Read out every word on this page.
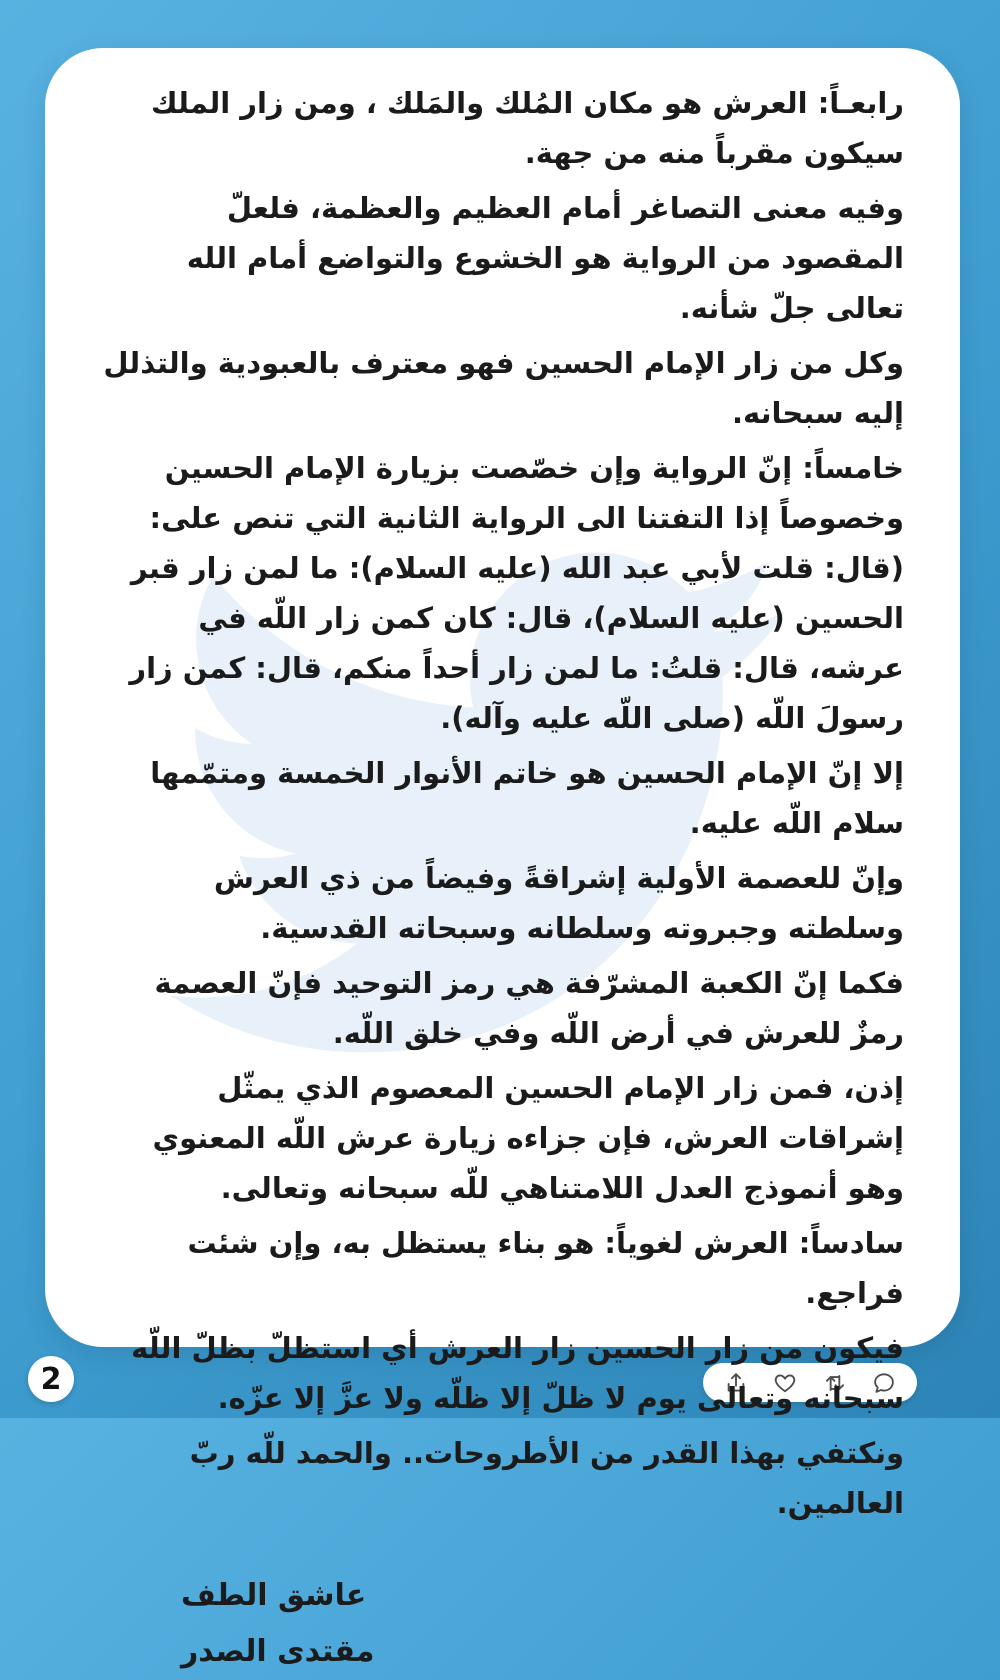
رابعـاً: العرش هو مكان المُلك والمَلك ، ومن زار الملك سيكون مقرباً منه من جهة.

وفيه معنى التصاغر أمام العظيم والعظمة، فلعلّ المقصود من الرواية هو الخشوع والتواضع أمام الله تعالى جلّ شأنه.

وكل من زار الإمام الحسين فهو معترف بالعبودية والتذلل إليه سبحانه.

خامساً: إنّ الرواية وإن خصّصت بزيارة الإمام الحسين وخصوصاً إذا التفتنا الى الرواية الثانية التي تنص على: (قال: قلت لأبي عبد الله (عليه السلام): ما لمن زار قبر الحسين (عليه السلام)، قال: كان كمن زار اللّه في عرشه، قال: قلتُ: ما لمن زار أحداً منكم، قال: كمن زار رسولَ اللّه (صلى اللّه عليه وآله).

إلا إنّ الإمام الحسين هو خاتم الأنوار الخمسة ومتمّمها سلام اللّه عليه.

وإنّ للعصمة الأولية إشراقةً وفيضاً من ذي العرش وسلطته وجبروته وسلطانه وسبحاته القدسية.

فكما إنّ الكعبة المشرّفة هي رمز التوحيد فإنّ العصمة رمزٌ للعرش في أرض اللّه وفي خلق اللّه.

إذن، فمن زار الإمام الحسين المعصوم الذي يمثّل إشراقات العرش، فإن جزاءه زيارة عرش اللّه المعنوي وهو أنموذج العدل اللامتناهي للّه سبحانه وتعالى.

سادساً: العرش لغوياً: هو بناء يستظل به، وإن شئت فراجع.

فيكون من زار الحسين زار العرش أي استظلّ بظلّ اللّه سبحانه وتعالى يوم لا ظلّ إلا ظلّه ولا عزَّ إلا عزّه.

ونكتفي بهذا القدر من الأطروحات.. والحمد للّه ربّ العالمين.

عاشق الطف
مقتدى الصدر
2
